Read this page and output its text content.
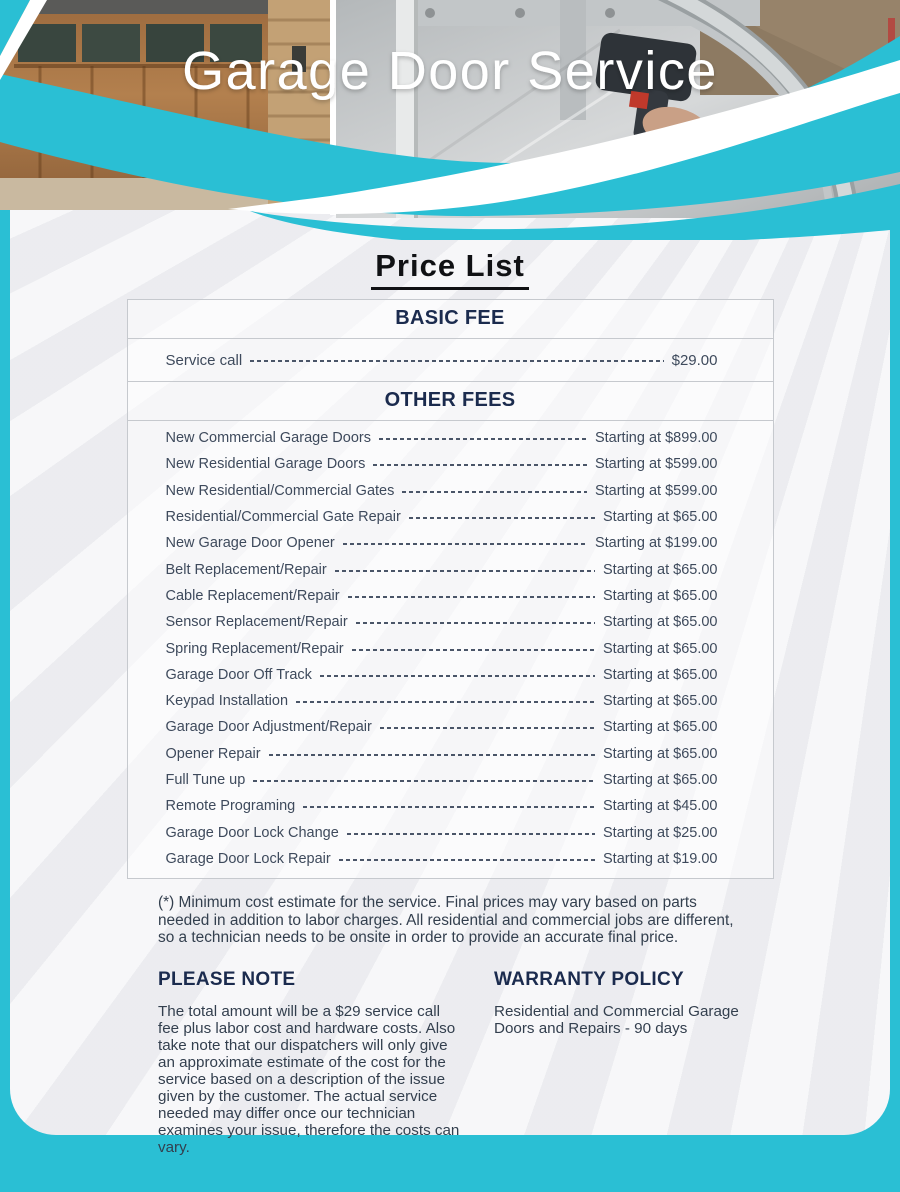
Garage Door Service
Price List
BASIC FEE
Service call	$29.00
OTHER FEES
New Commercial Garage Doors	Starting at $899.00
New Residential Garage Doors	Starting at $599.00
New Residential/Commercial Gates	Starting at $599.00
Residential/Commercial Gate Repair	Starting at $65.00
New Garage Door Opener	Starting at $199.00
Belt Replacement/Repair	Starting at $65.00
Cable Replacement/Repair	Starting at $65.00
Sensor Replacement/Repair	Starting at $65.00
Spring Replacement/Repair	Starting at $65.00
Garage Door Off Track	Starting at $65.00
Keypad Installation	Starting at $65.00
Garage Door Adjustment/Repair	Starting at $65.00
Opener Repair	Starting at $65.00
Full Tune up	Starting at $65.00
Remote Programing	Starting at $45.00
Garage Door Lock Change	Starting at $25.00
Garage Door Lock Repair	Starting at $19.00

(*) Minimum cost estimate for the service. Final prices may vary based on parts needed in addition to labor charges. All residential and commercial jobs are different, so a technician needs to be onsite in order to provide an accurate final price.

PLEASE NOTE
The total amount will be a $29 service call fee plus labor cost and hardware costs. Also take note that our dispatchers will only give an approximate estimate of the cost for the service based on a description of the issue given by the customer. The actual service needed may differ once our technician examines your issue, therefore the costs can vary.
WARRANTY POLICY
Residential and Commercial Garage Doors and Repairs - 90 days
